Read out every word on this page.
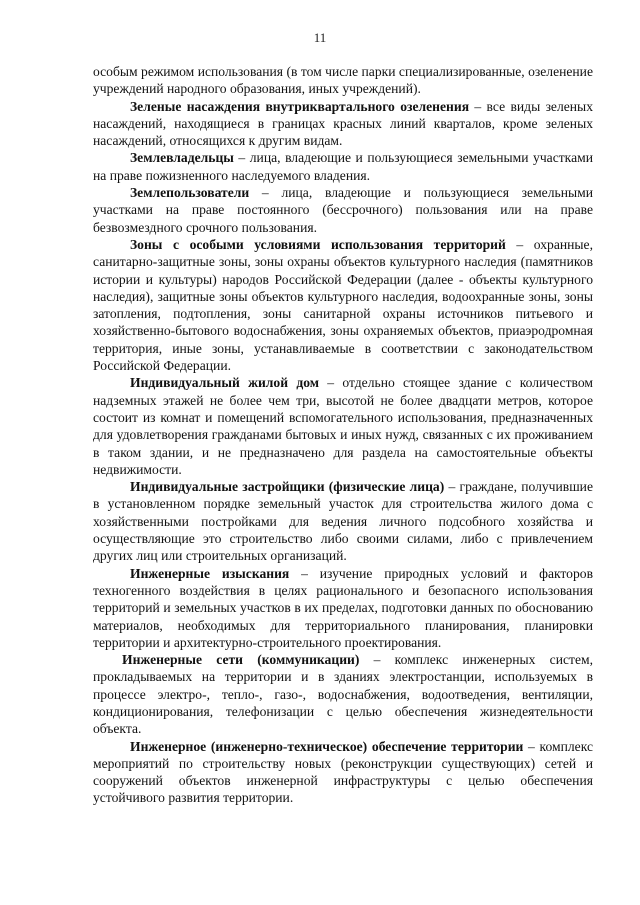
11

особым режимом использования (в том числе парки специализированные, озеленение учреждений народного образования, иных учреждений).

Зеленые насаждения внутриквартального озеленения – все виды зеленых насаждений, находящиеся в границах красных линий кварталов, кроме зеленых насаждений, относящихся к другим видам.

Землевладельцы – лица, владеющие и пользующиеся земельными участками на праве пожизненного наследуемого владения.

Землепользователи – лица, владеющие и пользующиеся земельными участками на праве постоянного (бессрочного) пользования или на праве безвозмездного срочного пользования.

Зоны с особыми условиями использования территорий – охранные, санитарно-защитные зоны, зоны охраны объектов культурного наследия (памятников истории и культуры) народов Российской Федерации (далее - объекты культурного наследия), защитные зоны объектов культурного наследия, водоохранные зоны, зоны затопления, подтопления, зоны санитарной охраны источников питьевого и хозяйственно-бытового водоснабжения, зоны охраняемых объектов, приаэродромная территория, иные зоны, устанавливаемые в соответствии с законодательством Российской Федерации.

Индивидуальный жилой дом – отдельно стоящее здание с количеством надземных этажей не более чем три, высотой не более двадцати метров, которое состоит из комнат и помещений вспомогательного использования, предназначенных для удовлетворения гражданами бытовых и иных нужд, связанных с их проживанием в таком здании, и не предназначено для раздела на самостоятельные объекты недвижимости.

Индивидуальные застройщики (физические лица) – граждане, получившие в установленном порядке земельный участок для строительства жилого дома с хозяйственными постройками для ведения личного подсобного хозяйства и осуществляющие это строительство либо своими силами, либо с привлечением других лиц или строительных организаций.

Инженерные изыскания – изучение природных условий и факторов техногенного воздействия в целях рационального и безопасного использования территорий и земельных участков в их пределах, подготовки данных по обоснованию материалов, необходимых для территориального планирования, планировки территории и архитектурно-строительного проектирования.

Инженерные сети (коммуникации) – комплекс инженерных систем, прокладываемых на территории и в зданиях электростанции, используемых в процессе электро-, тепло-, газо-, водоснабжения, водоотведения, вентиляции, кондиционирования, телефонизации с целью обеспечения жизнедеятельности объекта.

Инженерное (инженерно-техническое) обеспечение территории – комплекс мероприятий по строительству новых (реконструкции существующих) сетей и сооружений объектов инженерной инфраструктуры с целью обеспечения устойчивого развития территории.
